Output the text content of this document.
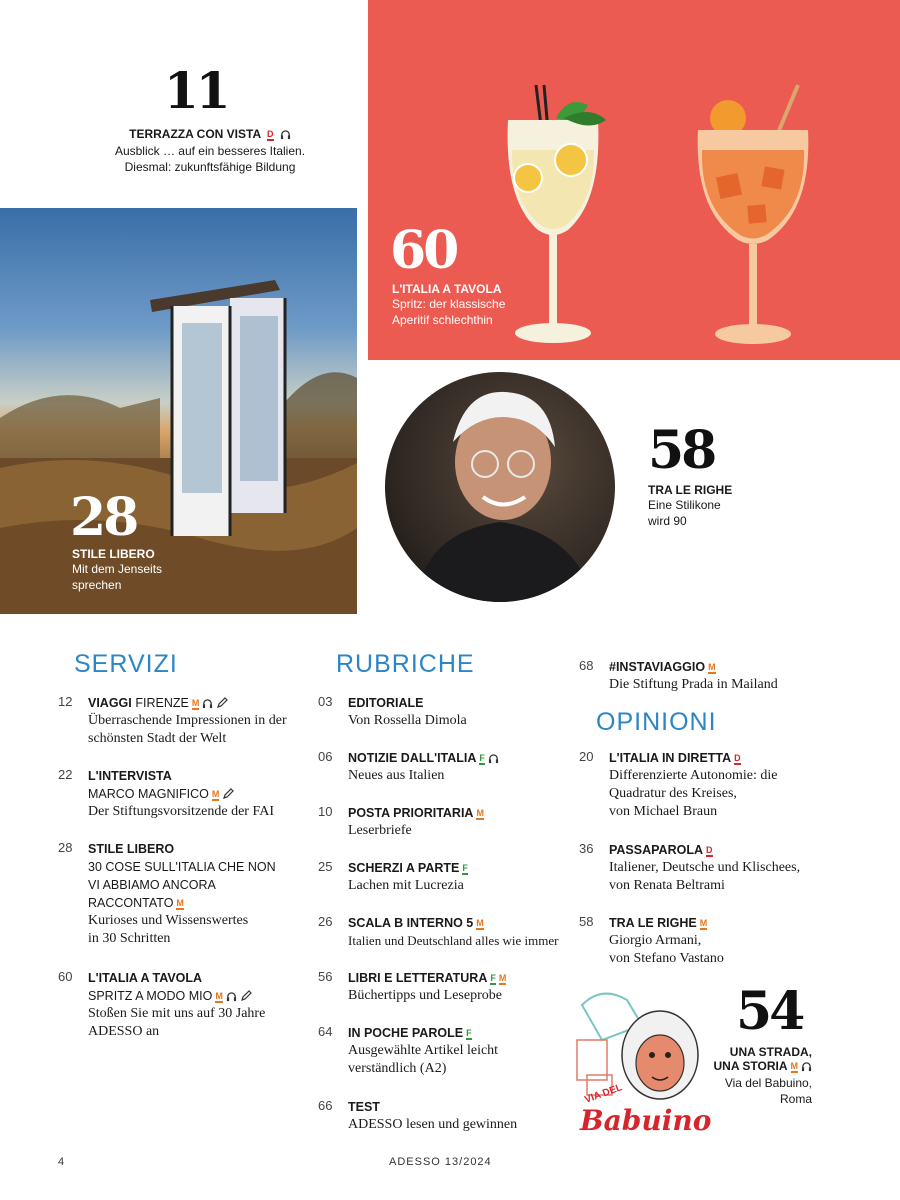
11
TERRAZZA CON VISTA D
Ausblick … auf ein besseres Italien.
Diesmal: zukunftsfähige Bildung
60
L'ITALIA A TAVOLA
Spritz: der klassische
Aperitif schlechthin
28
STILE LIBERO
Mit dem Jenseits
sprechen
58
TRA LE RIGHE
Eine Stilikone
wird 90
SERVIZI	RUBRICHE
OPINIONI
12	VIAGGI FIRENZE M
Überraschende Impressionen in der
schönsten Stadt der Welt
22	L'INTERVISTA
MARCO MAGNIFICO M
Der Stiftungsvorsitzende der FAI
28	STILE LIBERO
30 COSE SULL'ITALIA CHE NON VI ABBIAMO ANCORA RACCONTATO M
Kurioses und Wissenswertes
in 30 Schritten
60	L'ITALIA A TAVOLA
SPRITZ A MODO MIO M
Stoßen Sie mit uns auf 30 Jahre
ADESSO an
03	EDITORIALE
Von Rossella Dimola
06	NOTIZIE DALL'ITALIA F
Neues aus Italien
10	POSTA PRIORITARIA M
Leserbriefe
25	SCHERZI A PARTE F
Lachen mit Lucrezia
26	SCALA B INTERNO 5 M
Italien und Deutschland alles wie immer
56	LIBRI E LETTERATURA F M
Büchertipps und Leseprobe
64	IN POCHE PAROLE F
Ausgewählte Artikel leicht verständlich (A2)
66	TEST
ADESSO lesen und gewinnen
68	#INSTAVIAGGIO M
Die Stiftung Prada in Mailand
20	L'ITALIA IN DIRETTA D
Differenzierte Autonomie: die
Quadratur des Kreises,
von Michael Braun
36	PASSAPAROLA D
Italiener, Deutsche und Klischees,
von Renata Beltrami
58	TRA LE RIGHE M
Giorgio Armani,
von Stefano Vastano
VIA DEL
Babuino
54
UNA STRADA,
UNA STORIA M
Via del Babuino,
Roma
4	ADESSO 13/2024
